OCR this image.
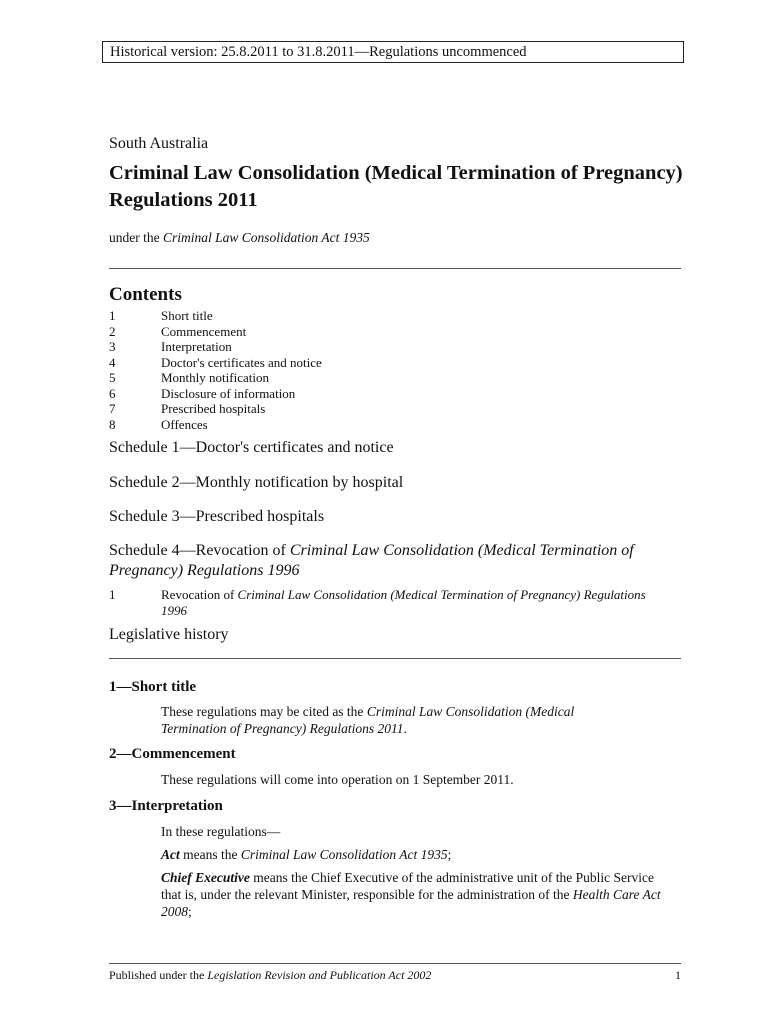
Historical version: 25.8.2011 to 31.8.2011—Regulations uncommenced
South Australia
Criminal Law Consolidation (Medical Termination of Pregnancy) Regulations 2011
under the Criminal Law Consolidation Act 1935
Contents
1	Short title
2	Commencement
3	Interpretation
4	Doctor's certificates and notice
5	Monthly notification
6	Disclosure of information
7	Prescribed hospitals
8	Offences
Schedule 1—Doctor's certificates and notice
Schedule 2—Monthly notification by hospital
Schedule 3—Prescribed hospitals
Schedule 4—Revocation of Criminal Law Consolidation (Medical Termination of Pregnancy) Regulations 1996
1	Revocation of Criminal Law Consolidation (Medical Termination of Pregnancy) Regulations 1996
Legislative history
1—Short title
These regulations may be cited as the Criminal Law Consolidation (Medical Termination of Pregnancy) Regulations 2011.
2—Commencement
These regulations will come into operation on 1 September 2011.
3—Interpretation
In these regulations—
Act means the Criminal Law Consolidation Act 1935;
Chief Executive means the Chief Executive of the administrative unit of the Public Service that is, under the relevant Minister, responsible for the administration of the Health Care Act 2008;
Published under the Legislation Revision and Publication Act 2002	1
